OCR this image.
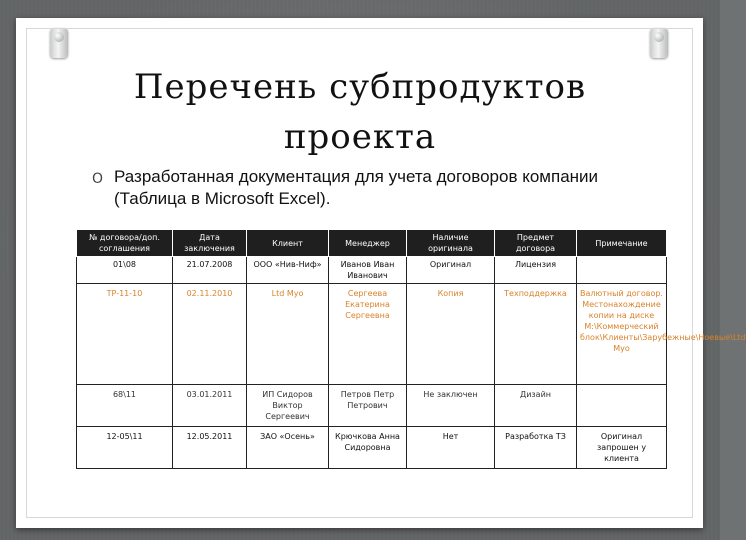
Перечень субпродуктов
проекта
O Разработанная документация для учета договоров компании (Таблица в Microsoft Excel).
№ договора/доп. соглашения	Дата заключения	Клиент	Менеджер	Наличие оригинала	Предмет договора	Примечание
01\08	21.07.2008	ООО «Нив-Ниф»	Иванов Иван Иванович	Оригинал	Лицензия	
TP-11-10	02.11.2010	Ltd Myo	Сергеева Екатерина Сергеевна	Копия	Техподдержка	Валютный договор. Местонахождение копии на диске M:\Коммерческий блок\Клиенты\Зарубежные\Ноевые\Ltd Myo
68\11	03.01.2011	ИП Сидоров Виктор Сергеевич	Петров Петр Петрович	Не заключен	Дизайн	
12-05\11	12.05.2011	ЗАО «Осень»	Крючкова Анна Сидоровна	Нет	Разработка ТЗ	Оригинал запрошен у клиента
